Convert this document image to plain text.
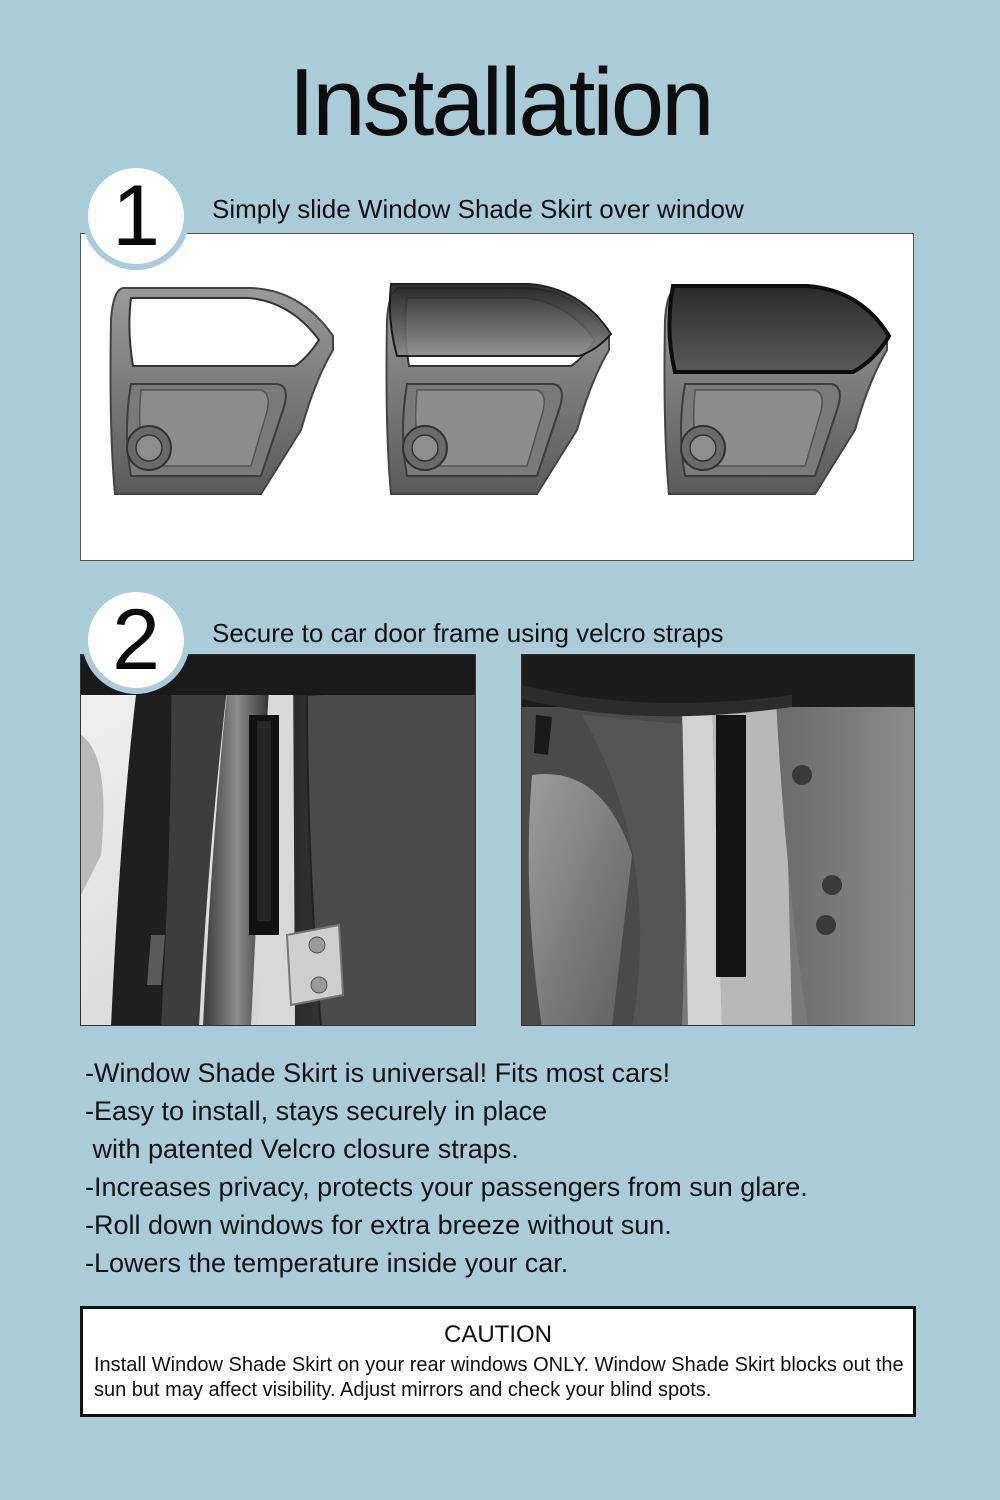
Installation
1	Simply slide Window Shade Skirt over window
2	Secure to car door frame using velcro straps
-Window Shade Skirt is universal! Fits most cars!
-Easy to install, stays securely in place
with patented Velcro closure straps.
-Increases privacy, protects your passengers from sun glare.
-Roll down windows for extra breeze without sun.
-Lowers the temperature inside your car.
CAUTION
Install Window Shade Skirt on your rear windows ONLY. Window Shade Skirt blocks out the sun but may affect visibility. Adjust mirrors and check your blind spots.
